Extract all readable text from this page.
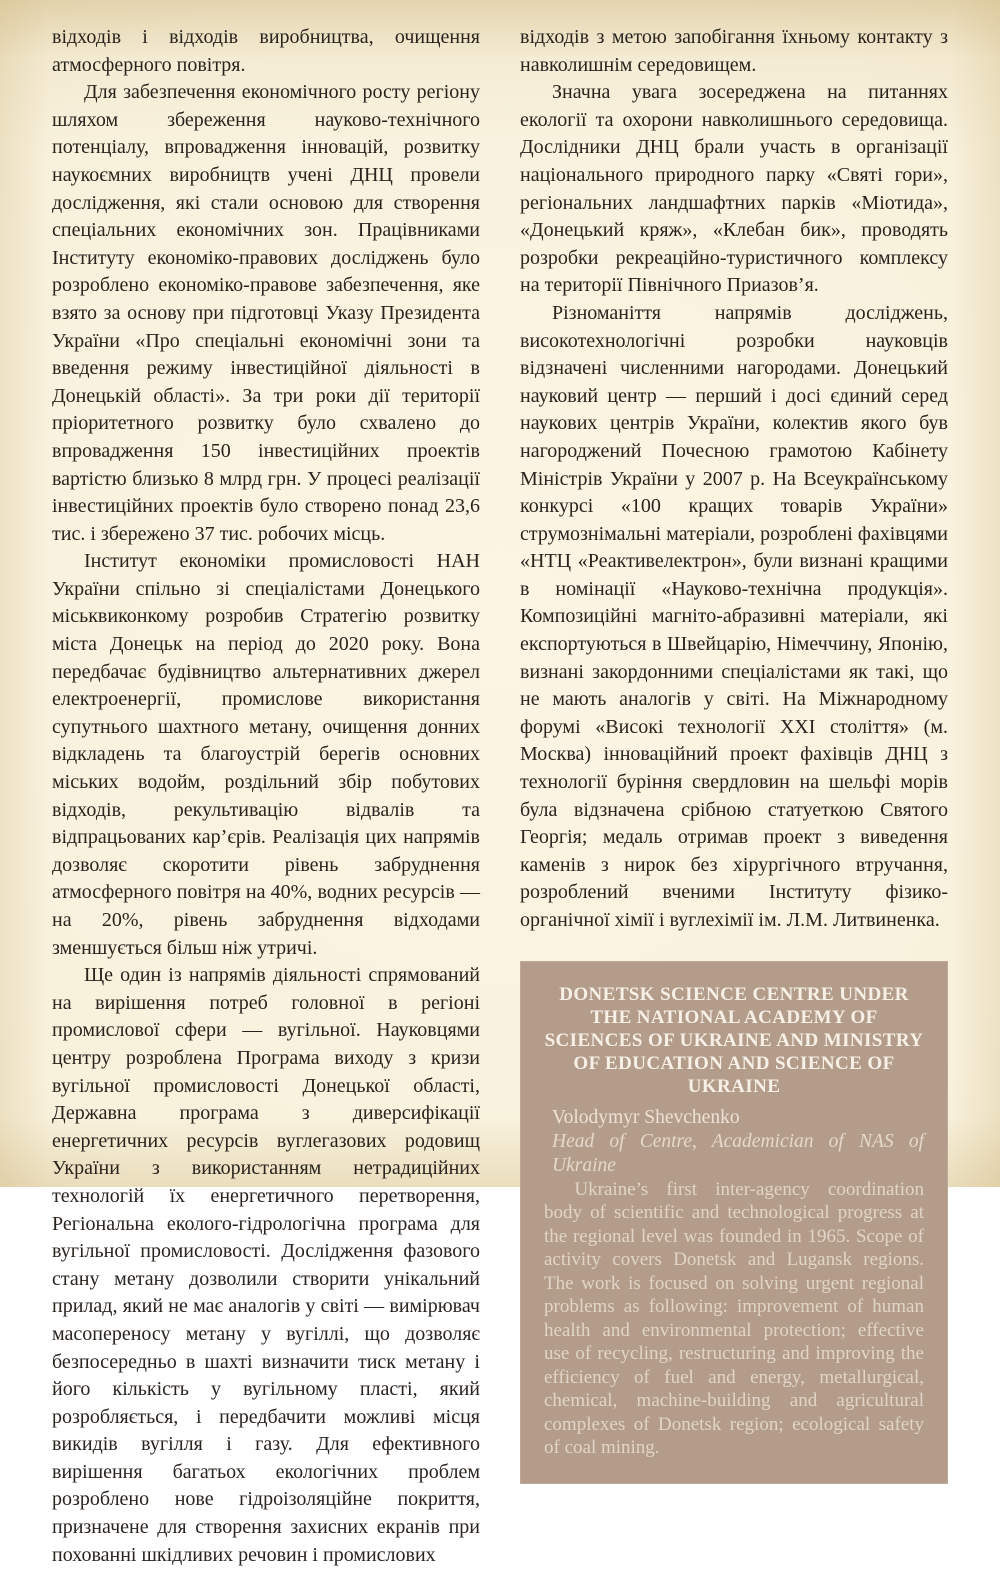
відходів і відходів виробництва, очищення атмосферного повітря.

Для забезпечення економічного росту регіону шляхом збереження науково-технічного потенціалу, впровадження інновацій, розвитку наукоємних виробництв учені ДНЦ провели дослідження, які стали основою для створення спеціальних економічних зон. Працівниками Інституту економіко-правових досліджень було розроблено економіко-правове забезпечення, яке взято за основу при підготовці Указу Президента України «Про спеціальні економічні зони та введення режиму інвестиційної діяльності в Донецькій області». За три роки дії території пріоритетного розвитку було схвалено до впровадження 150 інвестиційних проектів вартістю близько 8 млрд грн. У процесі реалізації інвестиційних проектів було створено понад 23,6 тис. і збережено 37 тис. робочих місць.

Інститут економіки промисловості НАН України спільно зі спеціалістами Донецького міськвиконкому розробив Стратегію розвитку міста Донецьк на період до 2020 року. Вона передбачає будівництво альтернативних джерел електроенергії, промислове використання супутнього шахтного метану, очищення донних відкладень та благоустрій берегів основних міських водойм, роздільний збір побутових відходів, рекультивацію відвалів та відпрацьованих кар’єрів. Реалізація цих напрямів дозволяє скоротити рівень забруднення атмосферного повітря на 40%, водних ресурсів — на 20%, рівень забруднення відходами зменшується більш ніж утричі.

Ще один із напрямів діяльності спрямований на вирішення потреб головної в регіоні промислової сфери — вугільної. Науковцями центру розроблена Програма виходу з кризи вугільної промисловості Донецької області, Державна програма з диверсифікації енергетичних ресурсів вуглегазових родовищ України з використанням нетрадиційних технологій їх енергетичного перетворення, Регіональна еколого-гідрологічна програма для вугільної промисловості. Дослідження фазового стану метану дозволили створити унікальний прилад, який не має аналогів у світі — вимірювач масопереносу метану у вугіллі, що дозволяє безпосередньо в шахті визначити тиск метану і його кількість у вугільному пласті, який розробляється, і передбачити можливі місця викидів вугілля і газу. Для ефективного вирішення багатьох екологічних проблем розроблено нове гідроізоляційне покриття, призначене для створення захисних екранів при похованні шкідливих речовин і промислових

відходів з метою запобігання їхньому контакту з навколишнім середовищем.

Значна увага зосереджена на питаннях екології та охорони навколишнього середовища. Дослідники ДНЦ брали участь в організації національного природного парку «Святі гори», регіональних ландшафтних парків «Міотида», «Донецький кряж», «Клебан бик», проводять розробки рекреаційно-туристичного комплексу на території Північного Приазов’я.

Різноманіття напрямів досліджень, високотехнологічні розробки науковців відзначені численними нагородами. Донецький науковий центр — перший і досі єдиний серед наукових центрів України, колектив якого був нагороджений Почесною грамотою Кабінету Міністрів України у 2007 р. На Всеукраїнському конкурсі «100 кращих товарів України» струмознімальні матеріали, розроблені фахівцями «НТЦ «Реактивелектрон», були визнані кращими в номінації «Науково-технічна продукція». Композиційні магніто-абразивні матеріали, які експортуються в Швейцарію, Німеччину, Японію, визнані закордонними спеціалістами як такі, що не мають аналогів у світі. На Міжнародному форумі «Високі технології XXI століття» (м. Москва) інноваційний проект фахівців ДНЦ з технології буріння свердловин на шельфі морів була відзначена срібною статуеткою Святого Георгія; медаль отримав проект з виведення каменів з нирок без хірургічного втручання, розроблений вченими Інституту фізико-органічної хімії і вуглехімії ім. Л.М. Литвиненка.

DONETSK SCIENCE CENTRE UNDER THE NATIONAL ACADEMY OF SCIENCES OF UKRAINE AND MINISTRY OF EDUCATION AND SCIENCE OF UKRAINE
Volodymyr Shevchenko
Head of Centre, Academician of NAS of Ukraine

Ukraine’s first inter-agency coordination body of scientific and technological progress at the regional level was founded in 1965. Scope of activity covers Donetsk and Lugansk regions. The work is focused on solving urgent regional problems as following: improvement of human health and environmental protection; effective use of recycling, restructuring and improving the efficiency of fuel and energy, metallurgical, chemical, machine-building and agricultural complexes of Donetsk region; ecological safety of coal mining.
